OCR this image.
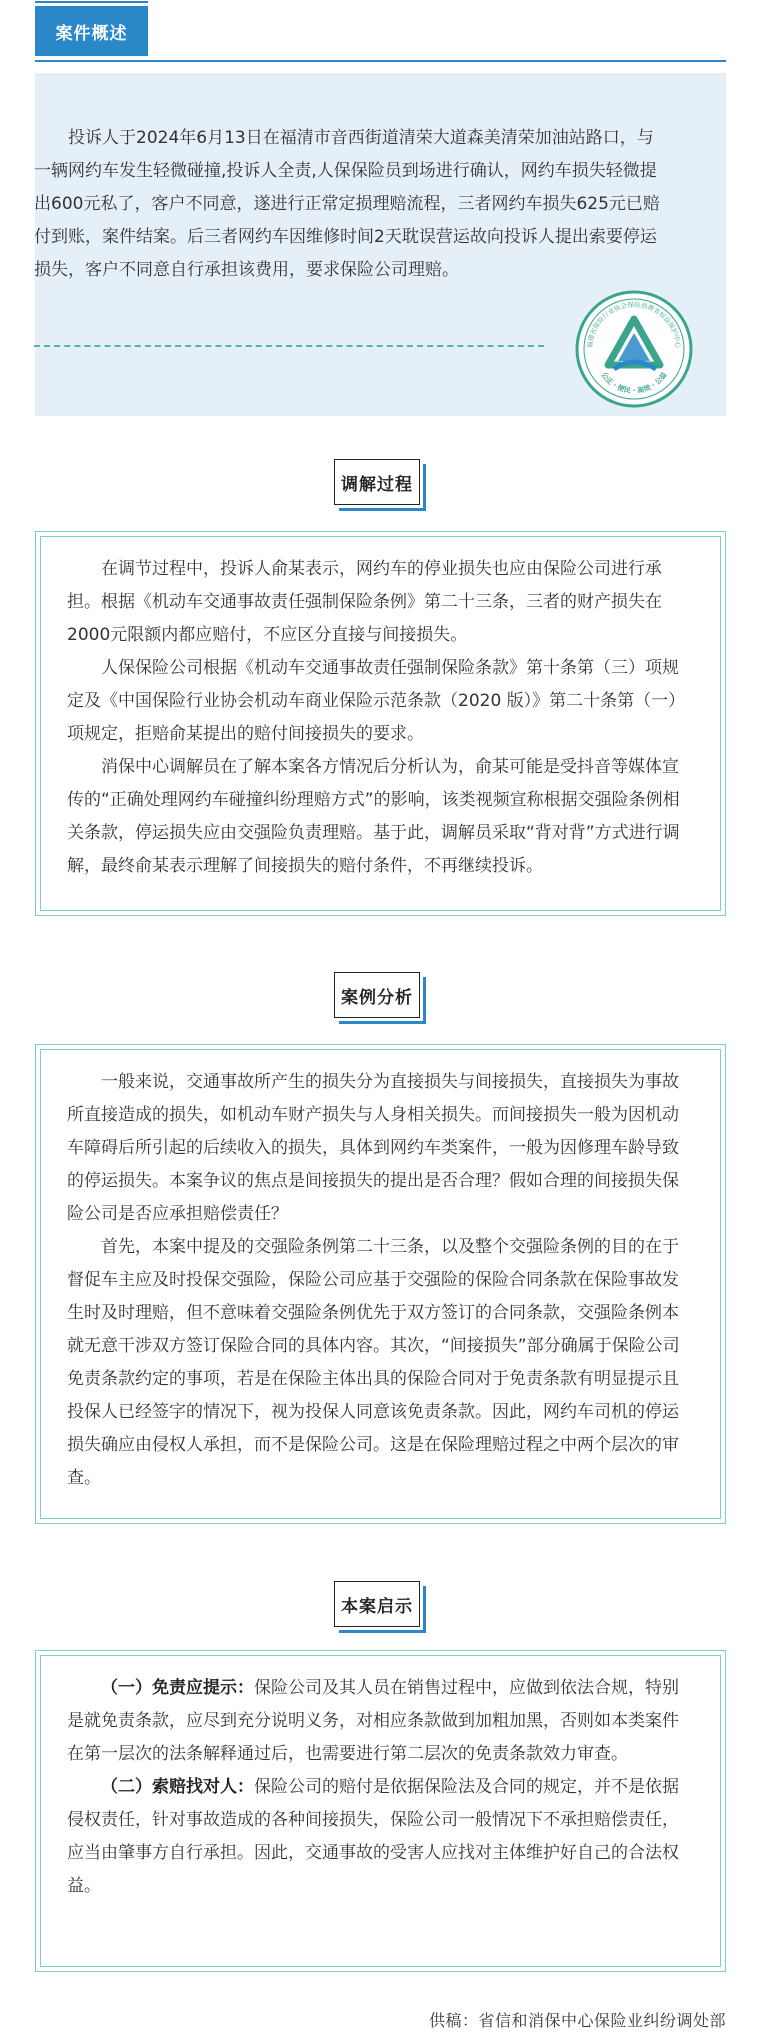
案件概述

投诉人于2024年6月13日在福清市音西街道清荣大道森美清荣加油站路口，与一辆网约车发生轻微碰撞,投诉人全责,人保保险员到场进行确认，网约车损失轻微提出600元私了，客户不同意，遂进行正常定损理赔流程，三者网约车损失625元已赔付到账，案件结案。后三者网约车因维修时间2天耽误营运故向投诉人提出索要停运损失，客户不同意自行承担该费用，要求保险公司理赔。

福建省保险行业协会保险消费者权益保护中心
公正 · 便民 · 高效 · 公益
调解过程

在调节过程中，投诉人俞某表示，网约车的停业损失也应由保险公司进行承担。根据《机动车交通事故责任强制保险条例》第二十三条，三者的财产损失在2000元限额内都应赔付，不应区分直接与间接损失。

人保保险公司根据《机动车交通事故责任强制保险条款》第十条第（三）项规定及《中国保险行业协会机动车商业保险示范条款（2020 版）》第二十条第（一）项规定，拒赔俞某提出的赔付间接损失的要求。

消保中心调解员在了解本案各方情况后分析认为，俞某可能是受抖音等媒体宣传的“正确处理网约车碰撞纠纷理赔方式”的影响，该类视频宣称根据交强险条例相关条款，停运损失应由交强险负责理赔。基于此，调解员采取“背对背”方式进行调解，最终俞某表示理解了间接损失的赔付条件，不再继续投诉。

案例分析

一般来说，交通事故所产生的损失分为直接损失与间接损失，直接损失为事故所直接造成的损失，如机动车财产损失与人身相关损失。而间接损失一般为因机动车障碍后所引起的后续收入的损失，具体到网约车类案件，一般为因修理车龄导致的停运损失。本案争议的焦点是间接损失的提出是否合理？假如合理的间接损失保险公司是否应承担赔偿责任？

首先，本案中提及的交强险条例第二十三条，以及整个交强险条例的目的在于督促车主应及时投保交强险，保险公司应基于交强险的保险合同条款在保险事故发生时及时理赔，但不意味着交强险条例优先于双方签订的合同条款，交强险条例本就无意干涉双方签订保险合同的具体内容。其次，“间接损失”部分确属于保险公司免责条款约定的事项，若是在保险主体出具的保险合同对于免责条款有明显提示且投保人已经签字的情况下，视为投保人同意该免责条款。因此，网约车司机的停运损失确应由侵权人承担，而不是保险公司。这是在保险理赔过程之中两个层次的审查。

本案启示

（一）免责应提示：保险公司及其人员在销售过程中，应做到依法合规，特别是就免责条款，应尽到充分说明义务，对相应条款做到加粗加黑，否则如本类案件在第一层次的法条解释通过后，也需要进行第二层次的免责条款效力审查。

（二）索赔找对人：保险公司的赔付是依据保险法及合同的规定，并不是依据侵权责任，针对事故造成的各种间接损失，保险公司一般情况下不承担赔偿责任，应当由肇事方自行承担。因此，交通事故的受害人应找对主体维护好自己的合法权益。

供稿：省信和消保中心保险业纠纷调处部
